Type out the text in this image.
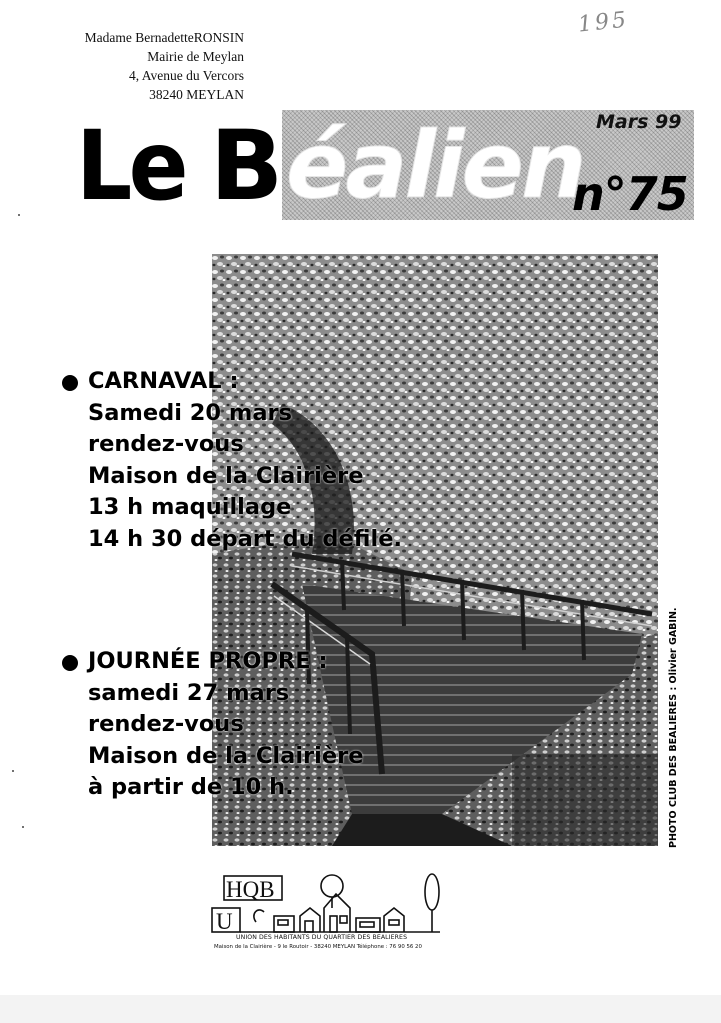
Madame BernadetteRONSIN
Mairie de Meylan
4, Avenue du Vercors
38240 MEYLAN
195
Le B éalien Mars 99
n°75
PHOTO CLUB DES BEALIERES : Olivier GABIN.
CARNAVAL :
Samedi 20 mars
rendez-vous
Maison de la Clairière
13 h maquillage
14 h 30 départ du défilé.
JOURNÉE PROPRE :
samedi 27 mars
rendez-vous
Maison de la Clairière
à partir de 10 h.
HQB
U
UNION DES HABITANTS DU QUARTIER DES BEALIERES
Maison de la Clairière - 9 le Routoir - 38240 MEYLAN Téléphone : 76 90 56 20
